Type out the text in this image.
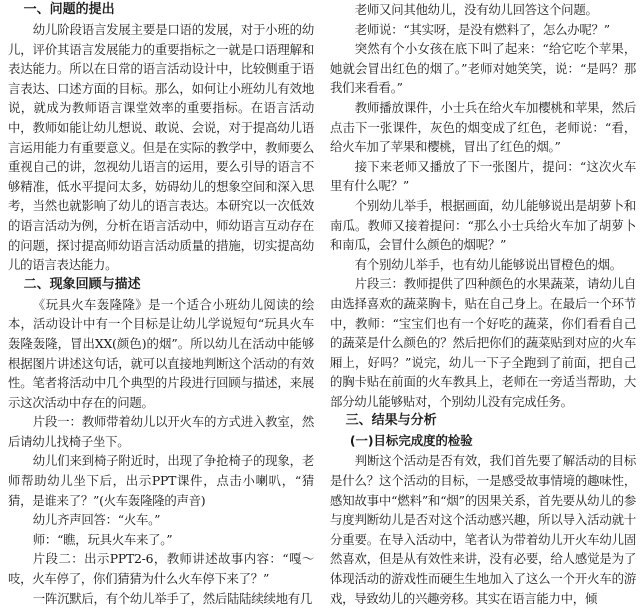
一、问题的提出

幼儿阶段语言发展主要是口语的发展，对于小班的幼儿，评价其语言发展能力的重要指标之一就是口语理解和表达能力。所以在日常的语言活动设计中，比较侧重于语言表达、口述方面的目标。那么，如何让小班幼儿有效地说，就成为教师语言课堂效率的重要指标。在语言活动中，教师如能让幼儿想说、敢说、会说，对于提高幼儿语言运用能力有重要意义。但是在实际的教学中，教师要么重视自己的讲，忽视幼儿语言的运用，要么引导的语言不够精准，低水平提问太多，妨碍幼儿的想象空间和深入思考，当然也就影响了幼儿的语言表达。本研究以一次低效的语言活动为例，分析在语言活动中，师幼语言互动存在的问题，探讨提高师幼语言活动质量的措施，切实提高幼儿的语言表达能力。

二、现象回顾与描述

《玩具火车轰隆隆》是一个适合小班幼儿阅读的绘本，活动设计中有一个目标是让幼儿学说短句“玩具火车轰隆轰隆，冒出XX(颜色)的烟”。所以幼儿在活动中能够根据图片讲述这句话，就可以直接地判断这个活动的有效性。笔者将活动中几个典型的片段进行回顾与描述，来展示这次活动中存在的问题。

片段一：教师带着幼儿以开火车的方式进入教室，然后请幼儿找椅子坐下。

幼儿们来到椅子附近时，出现了争抢椅子的现象，老师帮助幼儿坐下后，出示PPT课件，点击小喇叭，“猜猜，是谁来了？”(火车轰隆隆的声音)

幼儿齐声回答：“火车。”

师：“瞧，玩具火车来了。”

片段二：出示PPT2-6，教师讲述故事内容：“嘎～吱，火车停了，你们猜猜为什么火车停下来了？”

一阵沉默后，有个幼儿举手了，然后陆陆续续地有几

老师又问其他幼儿，没有幼儿回答这个问题。

老师说：“其实呀，是没有燃料了，怎么办呢？”

突然有个小女孩在底下叫了起来：“给它吃个苹果，她就会冒出红色的烟了。”老师对她笑笑，说：“是吗？那我们来看看。”

教师播放课件，小士兵在给火车加樱桃和苹果，然后点击下一张课件，灰色的烟变成了红色，老师说：“看，给火车加了苹果和樱桃，冒出了红色的烟。”

接下来老师又播放了下一张图片，提问：“这次火车里有什么呢？”

个别幼儿举手，根据画面，幼儿能够说出是胡萝卜和南瓜。教师又接着提问：“那么小士兵给火车加了胡萝卜和南瓜，会冒什么颜色的烟呢？”

有个别幼儿举手，也有幼儿能够说出冒橙色的烟。

片段三：教师提供了四种颜色的水果蔬菜，请幼儿自由选择喜欢的蔬菜胸卡，贴在自己身上。在最后一个环节中，教师：“宝宝们也有一个好吃的蔬菜，你们看看自己的蔬菜是什么颜色的？然后把你们的蔬菜贴到对应的火车厢上，好吗？”说完，幼儿一下子全跑到了前面，把自己的胸卡贴在前面的火车教具上，老师在一旁适当帮助，大部分幼儿能够贴对，个别幼儿没有完成任务。

三、结果与分析
(一)目标完成度的检验

判断这个活动是否有效，我们首先要了解活动的目标是什么？这个活动的目标，一是感受故事情境的趣味性，感知故事中“燃料”和“烟”的因果关系，首先要从幼儿的参与度判断幼儿是否对这个活动感兴趣，所以导入活动就十分重要。在导入活动中，笔者认为带着幼儿开火车幼儿固然喜欢，但是从有效性来讲，没有必要，给人感觉是为了体现活动的游戏性而硬生生地加入了这么一个开火车的游戏，导致幼儿的兴趣旁移。其实在语言能力中，倾
